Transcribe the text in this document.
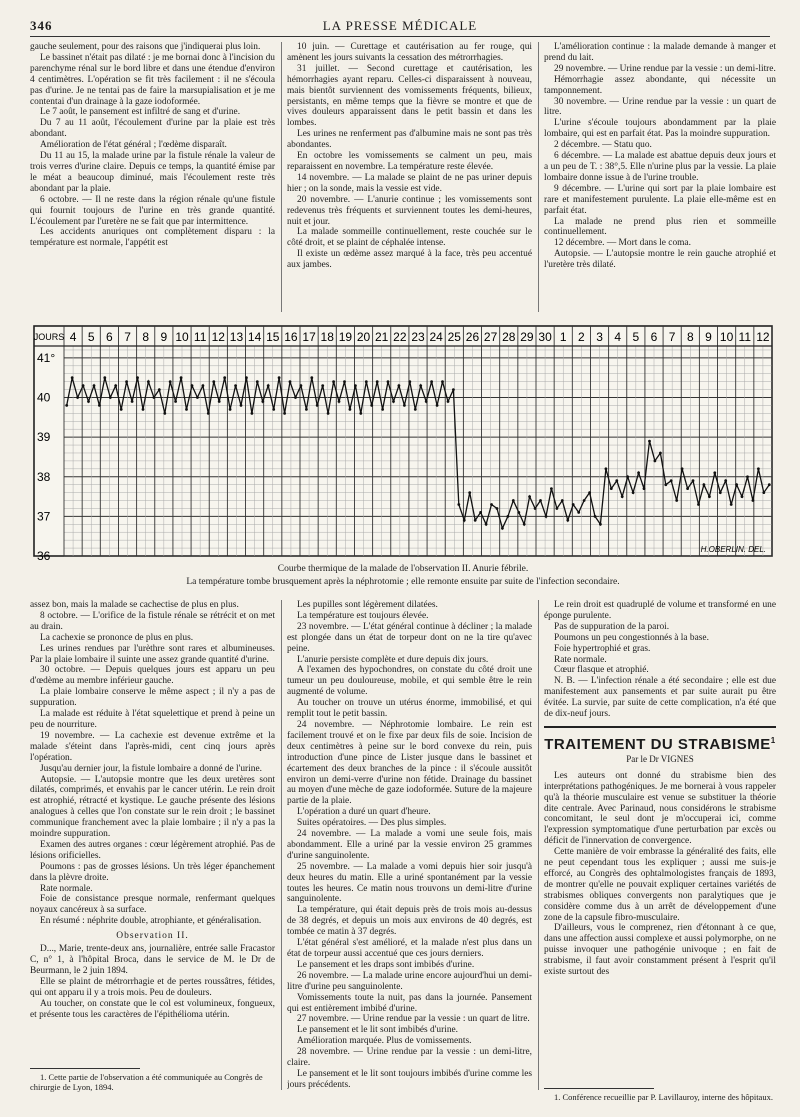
346	LA PRESSE MÉDICALE

gauche seulement, pour des raisons que j'indiquerai plus loin.

Le bassinet n'était pas dilaté : je me bornai donc à l'incision du parenchyme rénal sur le bord libre et dans une étendue d'environ 4 centimètres. L'opération se fit très facilement : il ne s'écoula pas d'urine. Je ne tentai pas de faire la marsupialisation et je me contentai d'un drainage à la gaze iodoformée.

Le 7 août, le pansement est infiltré de sang et d'urine.

Du 7 au 11 août, l'écoulement d'urine par la plaie est très abondant.

Amélioration de l'état général ; l'œdème disparaît.

Du 11 au 15, la malade urine par la fistule rénale la valeur de trois verres d'urine claire. Depuis ce temps, la quantité émise par le méat a beaucoup diminué, mais l'écoulement reste très abondant par la plaie.

6 octobre. — Il ne reste dans la région rénale qu'une fistule qui fournit toujours de l'urine en très grande quantité. L'écoulement par l'uretère ne se fait que par intermittence.

Les accidents anuriques ont complètement disparu : la température est normale, l'appétit est

10 juin. — Curettage et cautérisation au fer rouge, qui amènent les jours suivants la cessation des métrorrhagies.

31 juillet. — Second curettage et cautérisation, les hémorrhagies ayant reparu. Celles-ci disparaissent à nouveau, mais bientôt surviennent des vomissements fréquents, bilieux, persistants, en même temps que la fièvre se montre et que de vives douleurs apparaissent dans le petit bassin et dans les lombes.

Les urines ne renferment pas d'albumine mais ne sont pas très abondantes.

En octobre les vomissements se calment un peu, mais reparaissent en novembre. La température reste élevée.

14 novembre. — La malade se plaint de ne pas uriner depuis hier ; on la sonde, mais la vessie est vide.

20 novembre. — L'anurie continue ; les vomissements sont redevenus très fréquents et surviennent toutes les demi-heures, nuit et jour.

La malade sommeille continuellement, reste couchée sur le côté droit, et se plaint de céphalée intense.

Il existe un œdème assez marqué à la face, très peu accentué aux jambes.

L'amélioration continue : la malade demande à manger et prend du lait.

29 novembre. — Urine rendue par la vessie : un demi-litre.

Hémorrhagie assez abondante, qui nécessite un tamponnement.

30 novembre. — Urine rendue par la vessie : un quart de litre.

L'urine s'écoule toujours abondamment par la plaie lombaire, qui est en parfait état. Pas la moindre suppuration.

2 décembre. — Statu quo.

6 décembre. — La malade est abattue depuis deux jours et a un peu de T. : 38°,5. Elle n'urine plus par la vessie. La plaie lombaire donne issue à de l'urine trouble.

9 décembre. — L'urine qui sort par la plaie lombaire est rare et manifestement purulente. La plaie elle-même est en parfait état.

La malade ne prend plus rien et sommeille continuellement.

12 décembre. — Mort dans le coma.

Autopsie. — L'autopsie montre le rein gauche atrophié et l'uretère très dilaté.

JOURS 4 5 6 7 8 9 10 11 12 13 14 15 16 17 18 19 20 21 22 23 24 25 26 27 28 29 30 1 2 3 4 5 6 7 8 9 10 11 12
36
37
38
39
40
41°
H.OBERLIN. DEL.
Courbe thermique de la malade de l'observation II. Anurie fébrile.
La température tombe brusquement après la néphrotomie ; elle remonte ensuite par suite de l'infection secondaire.

assez bon, mais la malade se cachectise de plus en plus.

8 octobre. — L'orifice de la fistule rénale se rétrécit et on met au drain.

La cachexie se prononce de plus en plus.

Les urines rendues par l'urèthre sont rares et albumineuses. Par la plaie lombaire il suinte une assez grande quantité d'urine.

30 octobre. — Depuis quelques jours est apparu un peu d'œdème au membre inférieur gauche.

La plaie lombaire conserve le même aspect ; il n'y a pas de suppuration.

La malade est réduite à l'état squelettique et prend à peine un peu de nourriture.

19 novembre. — La cachexie est devenue extrême et la malade s'éteint dans l'après-midi, cent cinq jours après l'opération.

Jusqu'au dernier jour, la fistule lombaire a donné de l'urine.

Autopsie. — L'autopsie montre que les deux uretères sont dilatés, comprimés, et envahis par le cancer utérin. Le rein droit est atrophié, rétracté et kystique. Le gauche présente des lésions analogues à celles que l'on constate sur le rein droit ; le bassinet communique franchement avec la plaie lombaire ; il n'y a pas la moindre suppuration.

Examen des autres organes : cœur légèrement atrophié. Pas de lésions orificielles.

Poumons : pas de grosses lésions. Un très léger épanchement dans la plèvre droite.

Rate normale.

Foie de consistance presque normale, renfermant quelques noyaux cancéreux à sa surface.

En résumé : néphrite double, atrophiante, et généralisation.

Observation II.

D..., Marie, trente-deux ans, journalière, entrée salle Fracastor C, n° 1, à l'hôpital Broca, dans le service de M. le Dr de Beurmann, le 2 juin 1894.

Elle se plaint de métrorrhagie et de pertes roussâtres, fétides, qui ont apparu il y a trois mois. Peu de douleurs.

Au toucher, on constate que le col est volumineux, fongueux, et présente tous les caractères de l'épithélioma utérin.

Les pupilles sont légèrement dilatées.

La température est toujours élevée.

23 novembre. — L'état général continue à décliner ; la malade est plongée dans un état de torpeur dont on ne la tire qu'avec peine.

L'anurie persiste complète et dure depuis dix jours.

A l'examen des hypochondres, on constate du côté droit une tumeur un peu douloureuse, mobile, et qui semble être le rein augmenté de volume.

Au toucher on trouve un utérus énorme, immobilisé, et qui remplit tout le petit bassin.

24 novembre. — Néphrotomie lombaire. Le rein est facilement trouvé et on le fixe par deux fils de soie. Incision de deux centimètres à peine sur le bord convexe du rein, puis introduction d'une pince de Lister jusque dans le bassinet et écartement des deux branches de la pince : il s'écoule aussitôt environ un demi-verre d'urine non fétide. Drainage du bassinet au moyen d'une mèche de gaze iodoformée. Suture de la majeure partie de la plaie.

L'opération a duré un quart d'heure.

Suites opératoires. — Des plus simples.

24 novembre. — La malade a vomi une seule fois, mais abondamment. Elle a uriné par la vessie environ 25 grammes d'urine sanguinolente.

25 novembre. — La malade a vomi depuis hier soir jusqu'à deux heures du matin. Elle a uriné spontanément par la vessie toutes les heures. Ce matin nous trouvons un demi-litre d'urine sanguinolente.

La température, qui était depuis près de trois mois au-dessus de 38 degrés, et depuis un mois aux environs de 40 degrés, est tombée ce matin à 37 degrés.

L'état général s'est amélioré, et la malade n'est plus dans un état de torpeur aussi accentué que ces jours derniers.

Le pansement et les draps sont imbibés d'urine.

26 novembre. — La malade urine encore aujourd'hui un demi-litre d'urine peu sanguinolente.

Vomissements toute la nuit, pas dans la journée. Pansement qui est entièrement imbibé d'urine.

27 novembre. — Urine rendue par la vessie : un quart de litre.

Le pansement et le lit sont imbibés d'urine.

Amélioration marquée. Plus de vomissements.

28 novembre. — Urine rendue par la vessie : un demi-litre, claire.

Le pansement et le lit sont toujours imbibés d'urine comme les jours précédents.

Le rein droit est quadruplé de volume et transformé en une éponge purulente.

Pas de suppuration de la paroi.

Poumons un peu congestionnés à la base.

Foie hypertrophié et gras.

Rate normale.

Cœur flasque et atrophié.

N. B. — L'infection rénale a été secondaire ; elle est due manifestement aux pansements et par suite aurait pu être évitée. La survie, par suite de cette complication, n'a été que de dix-neuf jours.

TRAITEMENT DU STRABISME$^1$
Par le Dr VIGNES

Les auteurs ont donné du strabisme bien des interprétations pathogéniques. Je me bornerai à vous rappeler qu'à la théorie musculaire est venue se substituer la théorie dite centrale. Avec Parinaud, nous considérons le strabisme concomitant, le seul dont je m'occuperai ici, comme l'expression symptomatique d'une perturbation par excès ou déficit de l'innervation de convergence.

Cette manière de voir embrasse la généralité des faits, elle ne peut cependant tous les expliquer ; aussi me suis-je efforcé, au Congrès des ophtalmologistes français de 1893, de montrer qu'elle ne pouvait expliquer certaines variétés de strabismes obliques convergents non paralytiques que je considère comme dus à un arrêt de développement d'une zone de la capsule fibro-musculaire.

D'ailleurs, vous le comprenez, rien d'étonnant à ce que, dans une affection aussi complexe et aussi polymorphe, on ne puisse invoquer une pathogénie univoque ; en fait de strabisme, il faut avoir constamment présent à l'esprit qu'il existe surtout des

1. Cette partie de l'observation a été communiquée au Congrès de chirurgie de Lyon, 1894.

1. Conférence recueillie par P. Lavillauroy, interne des hôpitaux.
